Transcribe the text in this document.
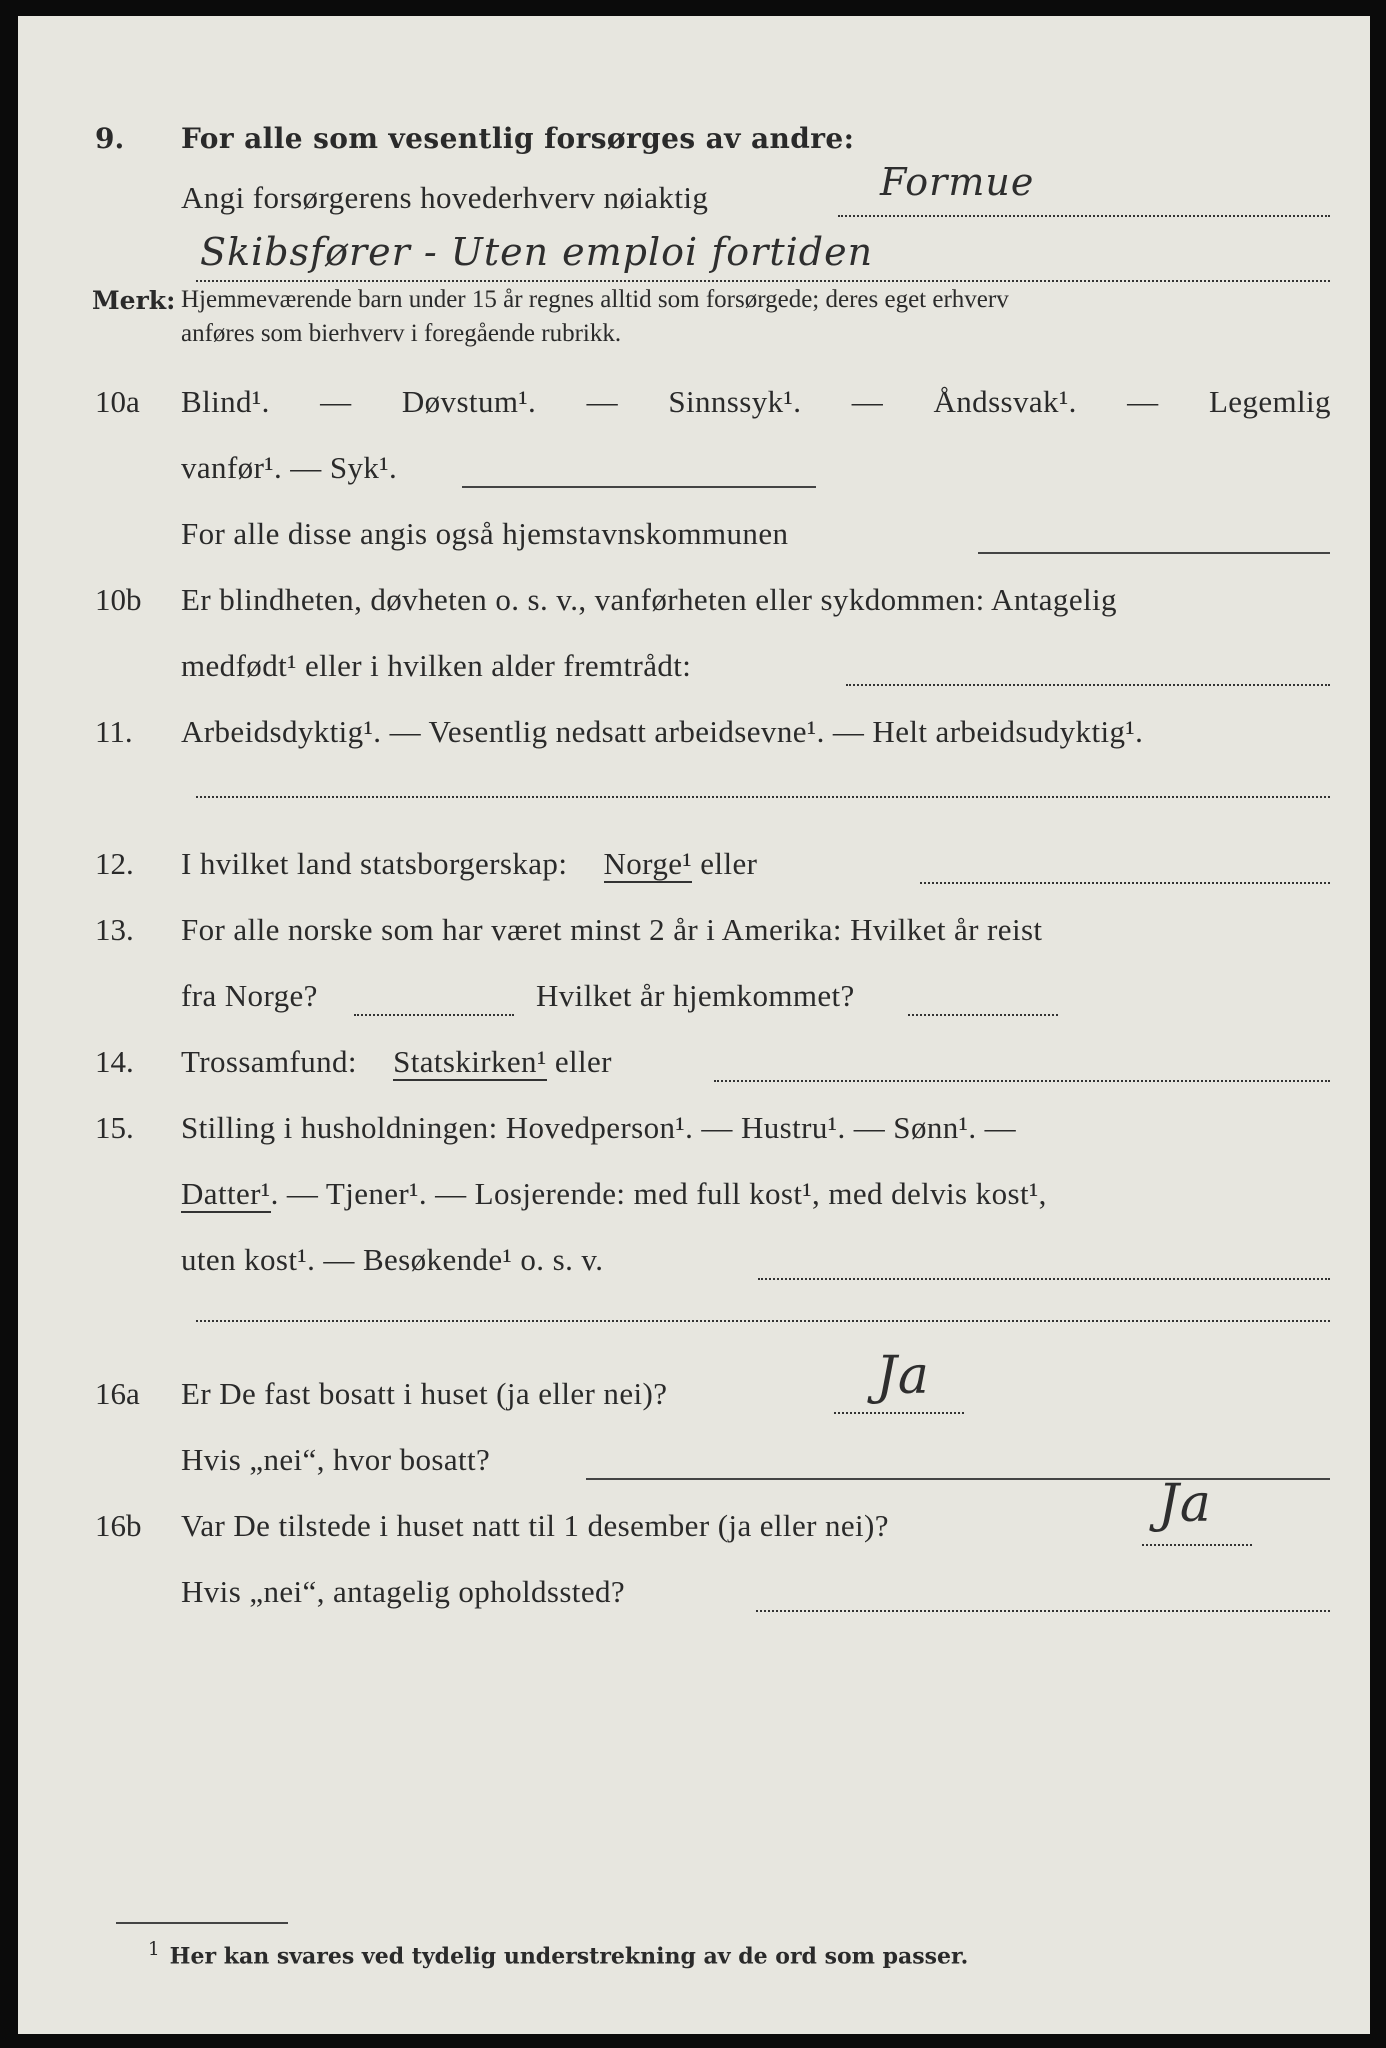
9. For alle som vesentlig forsørges av andre:
Angi forsørgerens hovederhverv nøiaktig	Formue
Skibsfører - Uten emploi fortiden
Merk: Hjemmeværende barn under 15 år regnes alltid som forsørgede; deres eget erhverv
anføres som bierhverv i foregående rubrikk.
10a Blind¹. — Døvstum¹. — Sinnssyk¹. — Åndssvak¹. — Legemlig
vanfør¹. — Syk¹.
For alle disse angis også hjemstavnskommunen
10b Er blindheten, døvheten o. s. v., vanførheten eller sykdommen: Antagelig
medfødt¹ eller i hvilken alder fremtrådt:
11. Arbeidsdyktig¹. — Vesentlig nedsatt arbeidsevne¹. — Helt arbeidsudyktig¹.
12. I hvilket land statsborgerskap: Norge¹ eller
13. For alle norske som har været minst 2 år i Amerika: Hvilket år reist
fra Norge?	Hvilket år hjemkommet?
14. Trossamfund: Statskirken¹ eller
15. Stilling i husholdningen: Hovedperson¹. — Hustru¹. — Sønn¹. —
Datter¹. — Tjener¹. — Losjerende: med full kost¹, med delvis kost¹,
uten kost¹. — Besøkende¹ o. s. v.
16a Er De fast bosatt i huset (ja eller nei)?	Ja
Hvis „nei“, hvor bosatt?
16b Var De tilstede i huset natt til 1 desember (ja eller nei)?	Ja
Hvis „nei“, antagelig opholdssted?
$^1$ Her kan svares ved tydelig understrekning av de ord som passer.
